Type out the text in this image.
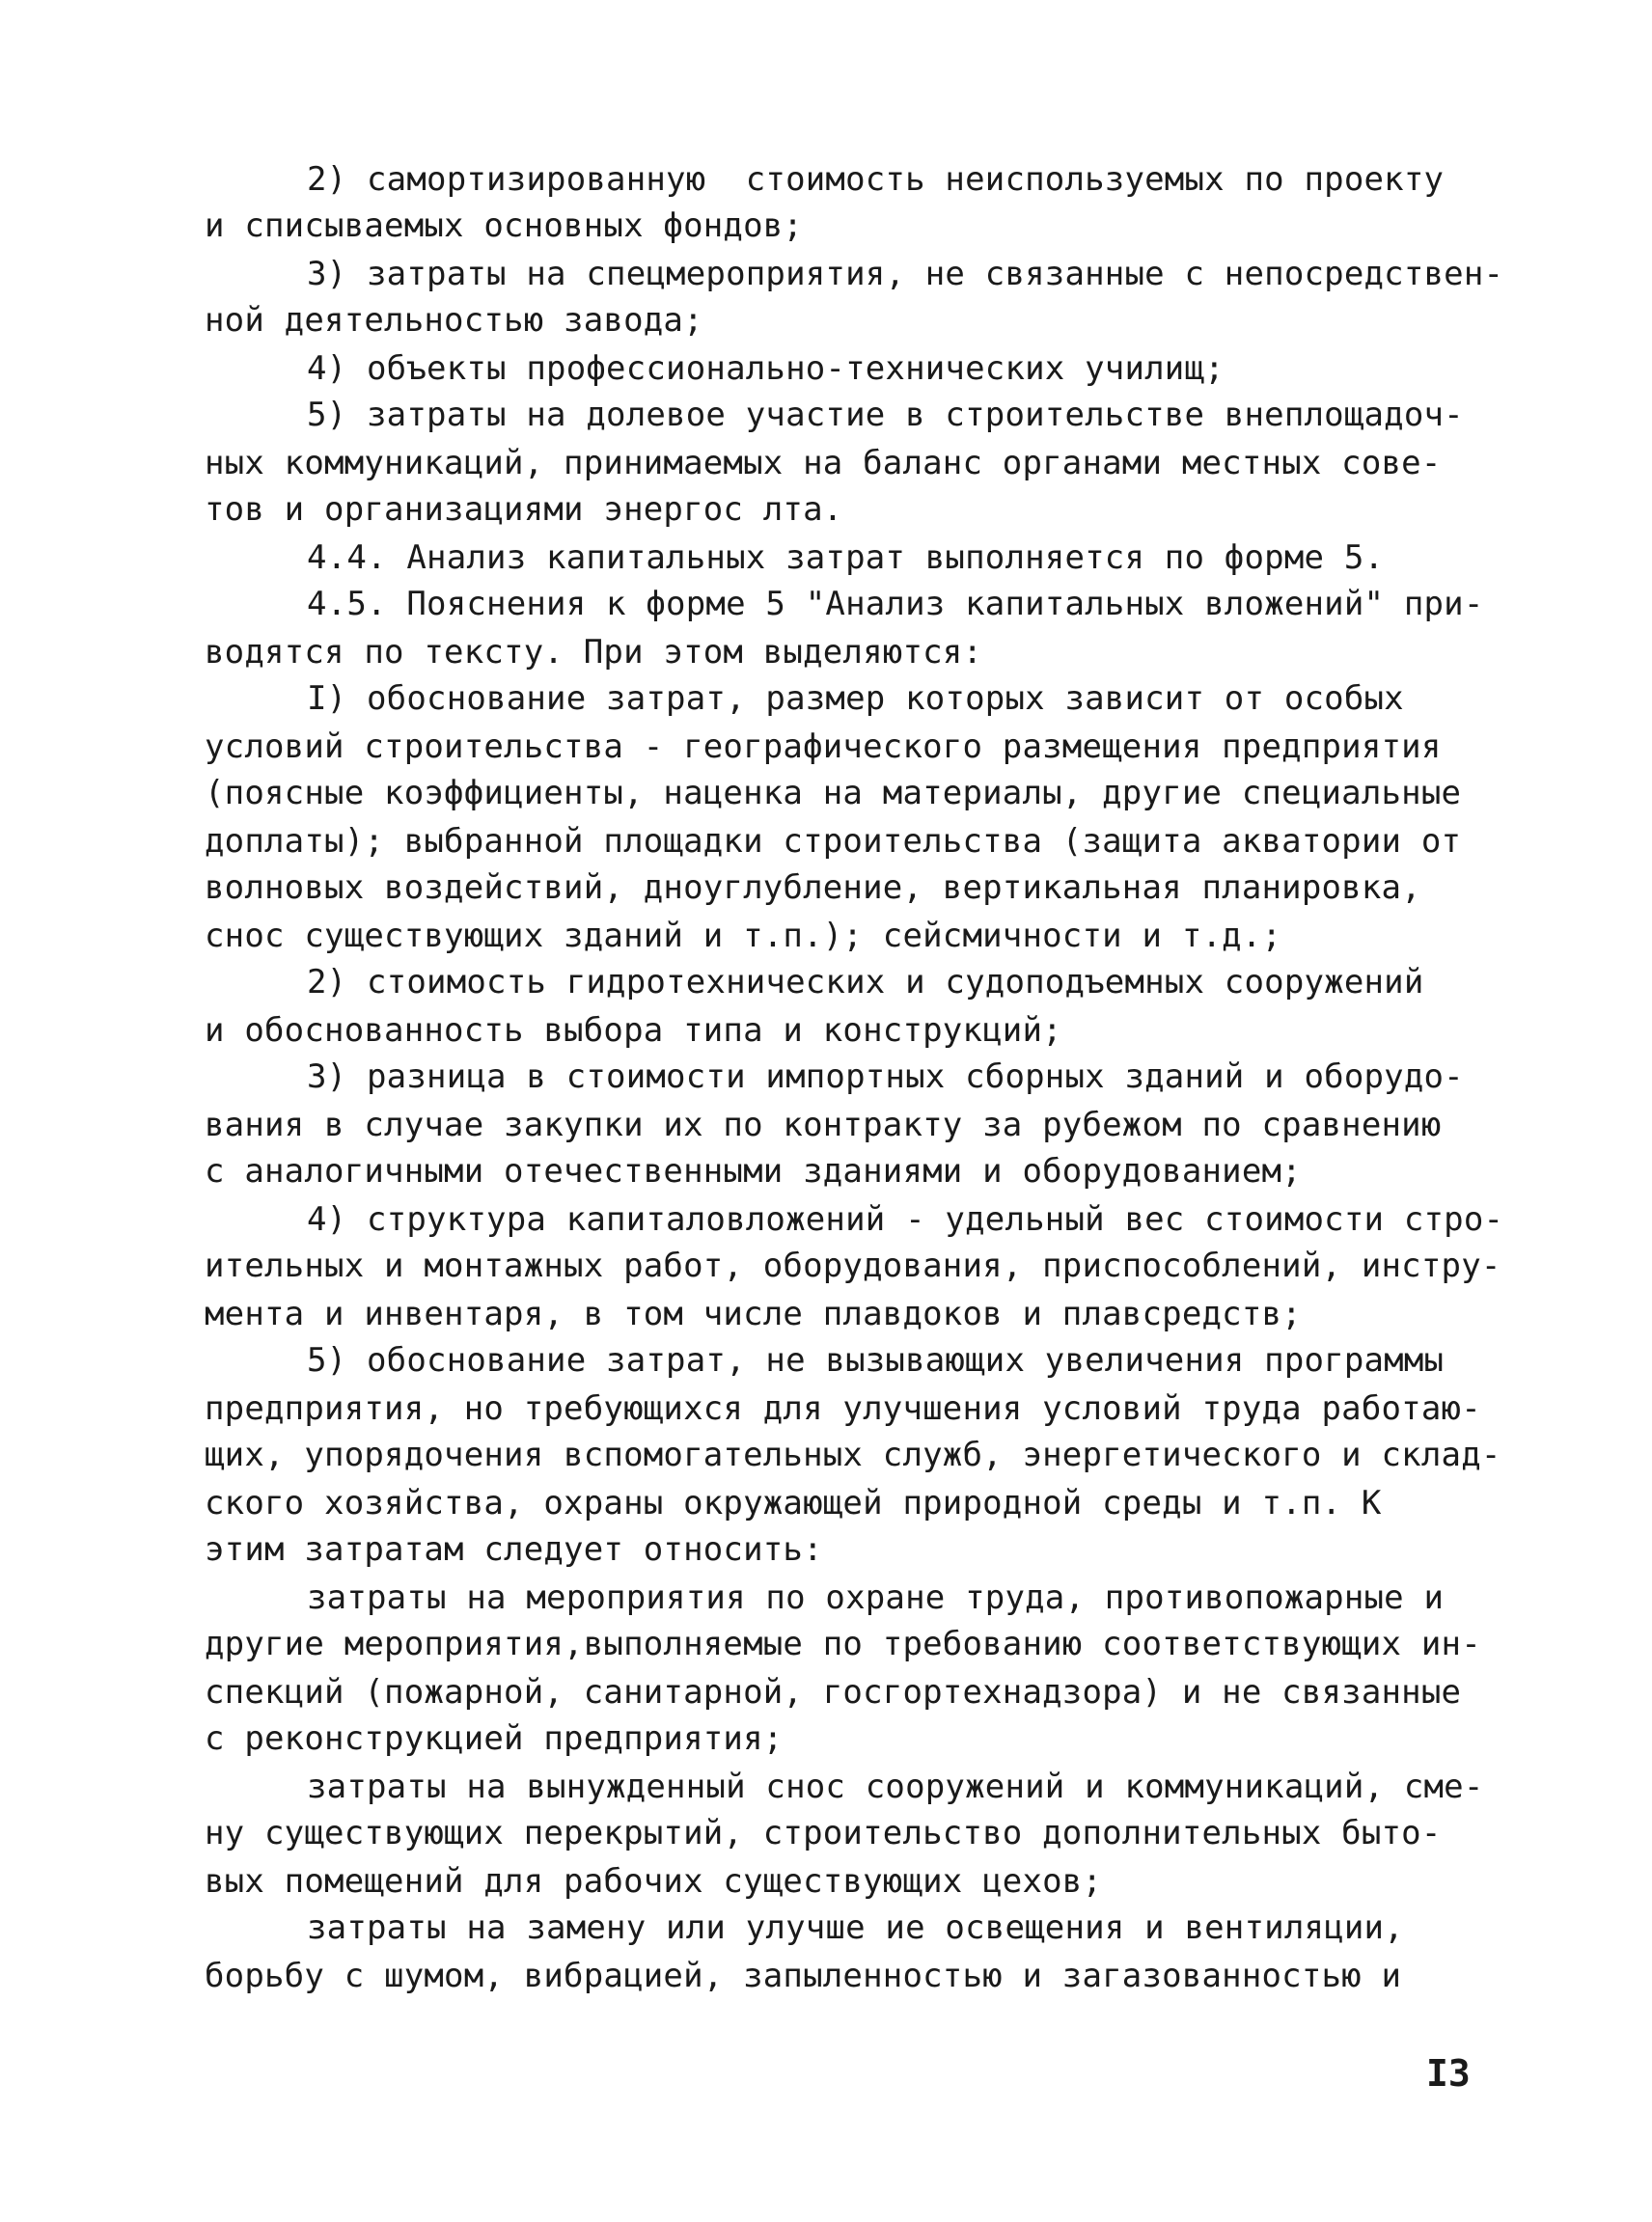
2) самортизированную  стоимость неиспользуемых по проекту
и списываемых основных фондов;
3) затраты на спецмероприятия, не связанные с непосредствен-
ной деятельностью завода;
4) объекты профессионально-технических училищ;
5) затраты на долевое участие в строительстве внеплощадоч-
ных коммуникаций, принимаемых на баланс органами местных сове-
тов и организациями энергос лта.
4.4. Анализ капитальных затрат выполняется по форме 5.
4.5. Пояснения к форме 5 "Анализ капитальных вложений" при-
водятся по тексту. При этом выделяются:
I) обоснование затрат, размер которых зависит от особых
условий строительства - географического размещения предприятия
(поясные коэффициенты, наценка на материалы, другие специальные
доплаты); выбранной площадки строительства (защита акватории от
волновых воздействий, дноуглубление, вертикальная планировка,
снос существующих зданий и т.п.); сейсмичности и т.д.;
2) стоимость гидротехнических и судоподъемных сооружений
и обоснованность выбора типа и конструкций;
3) разница в стоимости импортных сборных зданий и оборудо-
вания в случае закупки их по контракту за рубежом по сравнению
с аналогичными отечественными зданиями и оборудованием;
4) структура капиталовложений - удельный вес стоимости стро-
ительных и монтажных работ, оборудования, приспособлений, инстру-
мента и инвентаря, в том числе плавдоков и плавсредств;
5) обоснование затрат, не вызывающих увеличения программы
предприятия, но требующихся для улучшения условий труда работаю-
щих, упорядочения вспомогательных служб, энергетического и склад-
ского хозяйства, охраны окружающей природной среды и т.п. К
этим затратам следует относить:
затраты на мероприятия по охране труда, противопожарные и
другие мероприятия,выполняемые по требованию соответствующих ин-
спекций (пожарной, санитарной, госгортехнадзора) и не связанные
с реконструкцией предприятия;
затраты на вынужденный снос сооружений и коммуникаций, сме-
ну существующих перекрытий, строительство дополнительных быто-
вых помещений для рабочих существующих цехов;
затраты на замену или улучше ие освещения и вентиляции,
борьбу с шумом, вибрацией, запыленностью и загазованностью и
I3
